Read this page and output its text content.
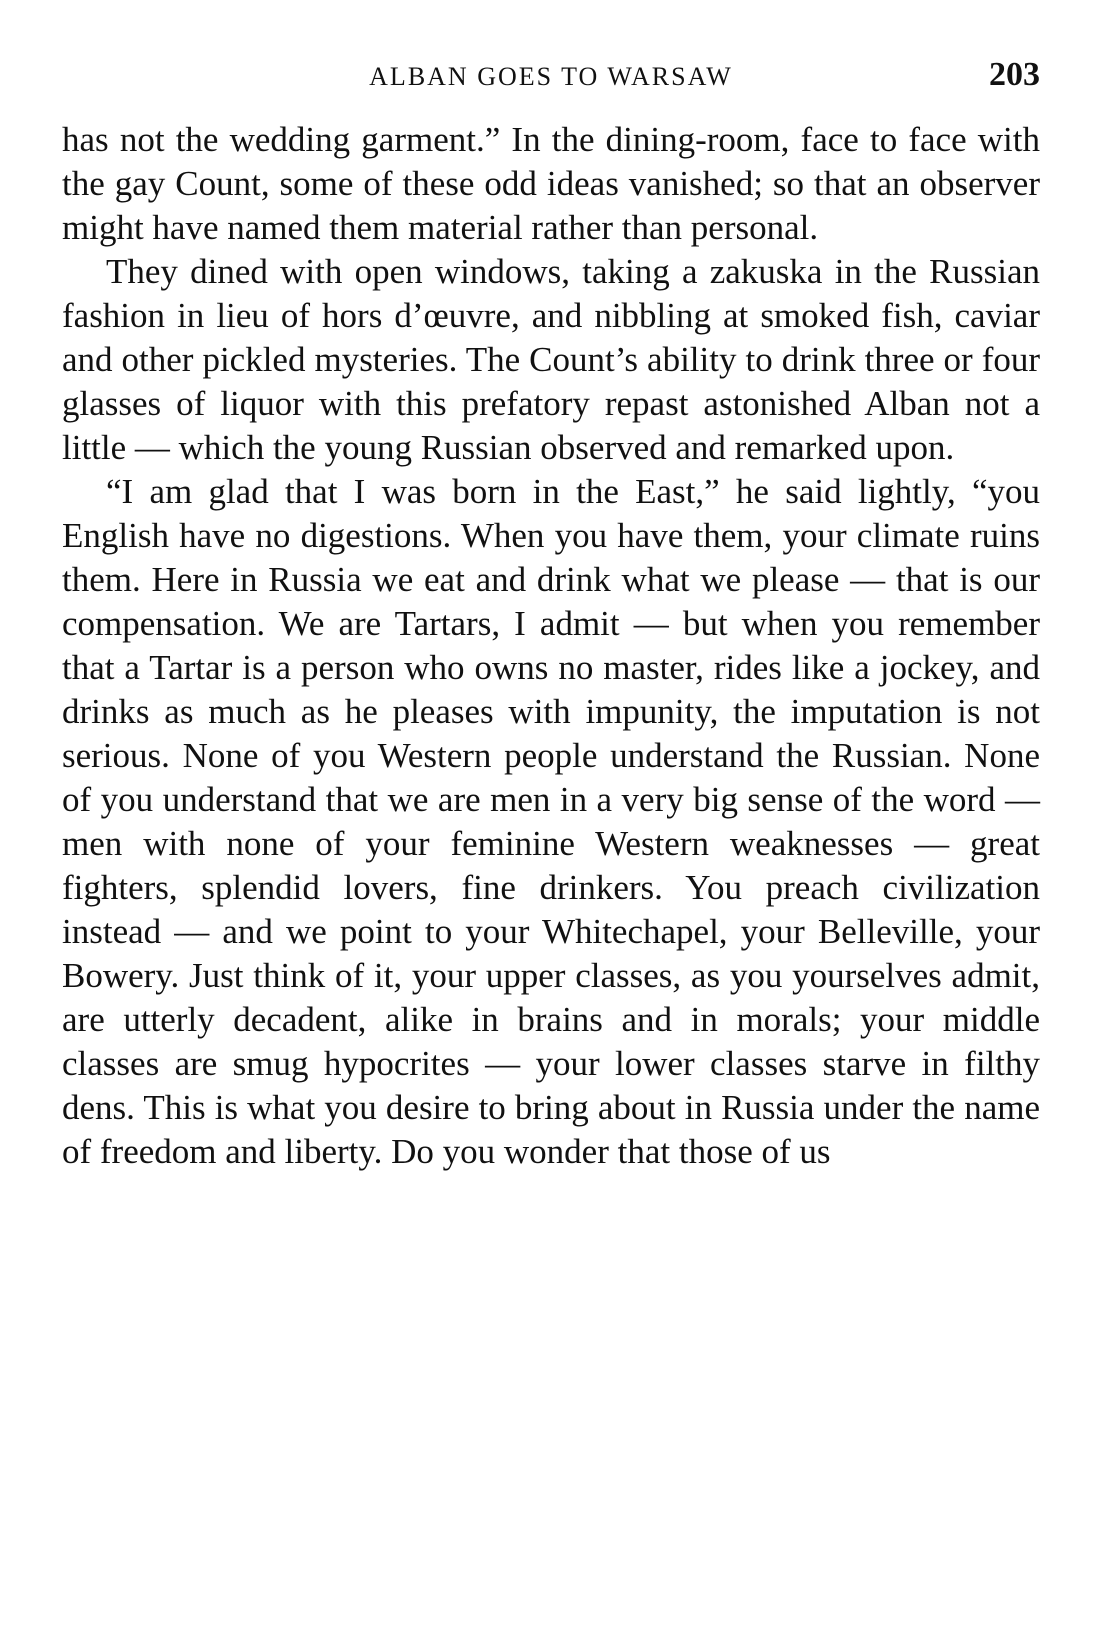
ALBAN GOES TO WARSAW	203

has not the wedding garment.” In the dining-room, face to face with the gay Count, some of these odd ideas vanished; so that an observer might have named them material rather than personal.

They dined with open windows, taking a zakuska in the Russian fashion in lieu of hors d’œuvre, and nibbling at smoked fish, caviar and other pickled mysteries. The Count’s ability to drink three or four glasses of liquor with this prefatory repast astonished Alban not a little — which the young Russian observed and remarked upon.

“I am glad that I was born in the East,” he said lightly, “you English have no digestions. When you have them, your climate ruins them. Here in Russia we eat and drink what we please — that is our compensation. We are Tartars, I admit — but when you remember that a Tartar is a person who owns no master, rides like a jockey, and drinks as much as he pleases with impunity, the imputation is not serious. None of you Western people understand the Russian. None of you understand that we are men in a very big sense of the word — men with none of your feminine Western weaknesses — great fighters, splendid lovers, fine drinkers. You preach civilization instead — and we point to your Whitechapel, your Belleville, your Bowery. Just think of it, your upper classes, as you yourselves admit, are utterly decadent, alike in brains and in morals; your middle classes are smug hypocrites — your lower classes starve in filthy dens. This is what you desire to bring about in Russia under the name of freedom and liberty. Do you wonder that those of us
